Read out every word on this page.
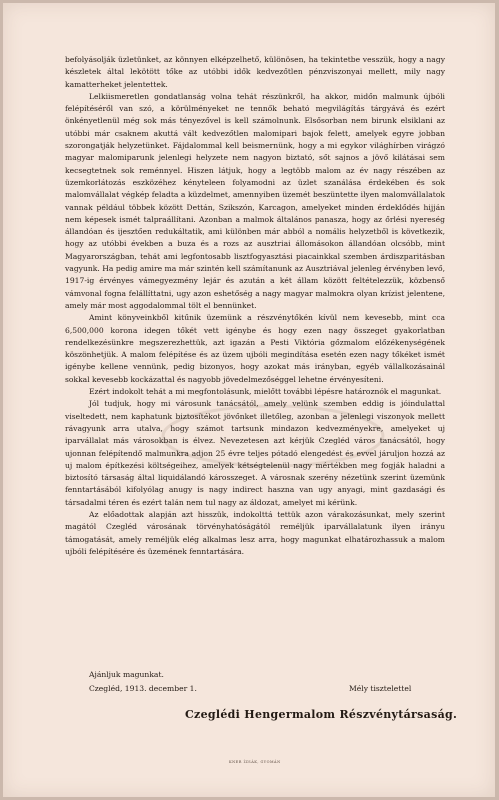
befolyásolják üzletünket, az könnyen elképzelhető, különösen, ha tekintetbe vesszük, hogy a nagy készletek által lekötött tőke az utóbbi idők kedvezőtlen pénzviszonyai mellett, mily nagy kamatterheket jelentettek.

Lelkiismeretlen gondatlanság volna tehát részünkről, ha akkor, midőn malmunk újbóli felépítéséről van szó, a körülményeket ne tennők beható megvilágítás tárgyává és ezért önkényetlenül még sok más tényezővel is kell számolnunk. Elsősorban nem birunk elsiklani az utóbbi már csaknem akuttá vált kedvezőtlen malomipari bajok felett, amelyek egyre jobban szorongatják helyzetünket. Fájdalommal kell beismernünk, hogy a mi egykor világhírben virágzó magyar malomiparunk jelenlegi helyzete nem nagyon biztató, sőt sajnos a jövő kilátásai sem kecsegtetnek sok reménnyel. Hiszen látjuk, hogy a legtöbb malom az év nagy részében az üzemkorlátozás eszközéhez kényteleen folyamodni az üzlet szanálása érdekében és sok malomvállalat végkép feladta a küzdelmet, amennyiben üzemét beszüntette ilyen malomvállalatok vannak például többek között Dettán, Szikszón, Karcagon, amelyeket minden érdeklődés hijján nem képesek ismét talpraállítani. Azonban a malmok általános panasza, hogy az őrlési nyereség állandóan és ijesztően redukáltatik, ami különben már abból a nomális helyzetből is következik, hogy az utóbbi években a buza és a rozs az ausztriai állomásokon állandóan olcsóbb, mint Magyarországban, tehát ami legfontosabb lisztfogyasztási piacainkkal szemben árdiszparitásban vagyunk. Ha pedig amire ma már szintén kell számítanunk az Ausztriával jelenleg érvényben levő, 1917-ig érvényes vámegyezmény lejár és azután a két állam között feltételezzük, közbenső vámvonal fogna felállíttatni, ugy azon eshetőség a nagy magyar malmokra olyan krízist jelentene, amely már most aggodalommal tölt el bennünket.

Amint könyveinkből kitűnik üzemünk a részvénytőkén kívül nem kevesebb, mint cca 6,500,000 korona idegen tőkét vett igénybe és hogy ezen nagy összeget gyakorlatban rendelkezésünkre megszerezhettük, azt igazán a Pesti Viktória gőzmalom előzékenységének köszönhetjük. A malom felépítése és az üzem ujbóli megindítása esetén ezen nagy tőkéket ismét igénybe kellene vennünk, pedig bizonyos, hogy azokat más irányban, egyéb vállalkozásainál sokkal kevesebb kockázattal és nagyobb jövedelmezőséggel lehetne érvényesíteni.

Ezért indokolt tehát a mi megfontolásunk, mielőtt további lépésre határoznók el magunkat.

Jól tudjuk, hogy mi városunk tanácsától, amely velünk szemben eddig is jóindulattal viseltedett, nem kaphatunk biztosítékot jövőnket illetőleg, azonban a jelenlegi viszonyok mellett rávagyunk arra utalva, hogy számot tartsunk mindazon kedvezményekre, amelyeket uj iparvállalat más városokban is élvez. Nevezetesen azt kérjük Czegléd város tanácsától, hogy ujonnan felépítendő malmunkra adjon 25 évre teljes pótadó elengedést és evvel járuljon hozzá az uj malom építkezési költségeihez, amelyek kétségtelenül nagy mértékben meg fogják haladni a biztosító társaság által liquidálandó károsszeget. A városnak szerény nézetünk szerint üzemünk fenntartásából kifolyólag anugy is nagy indirect haszna van ugy anyagi, mint gazdasági és társadalmi téren és ezért talán nem tul nagy az áldozat, amelyet mi kérünk.

Az előadottak alapján azt hisszük, indokolttá tettük azon várakozásunkat, mely szerint magától Czegléd városának törvényhatóságától reméljük iparvállalatunk ilyen irányu támogatását, amely reméljük elég alkalmas lesz arra, hogy magunkat elhatározhassuk a malom ujbóli felépítésére és üzemének fenntartására.

Ajánljuk magunkat.
Czegléd, 1913. december 1.	Mély tisztelettel
Czeglédi Hengermalom Részvénytársaság.
KNER ÍZSÁK, GYOMÁN
